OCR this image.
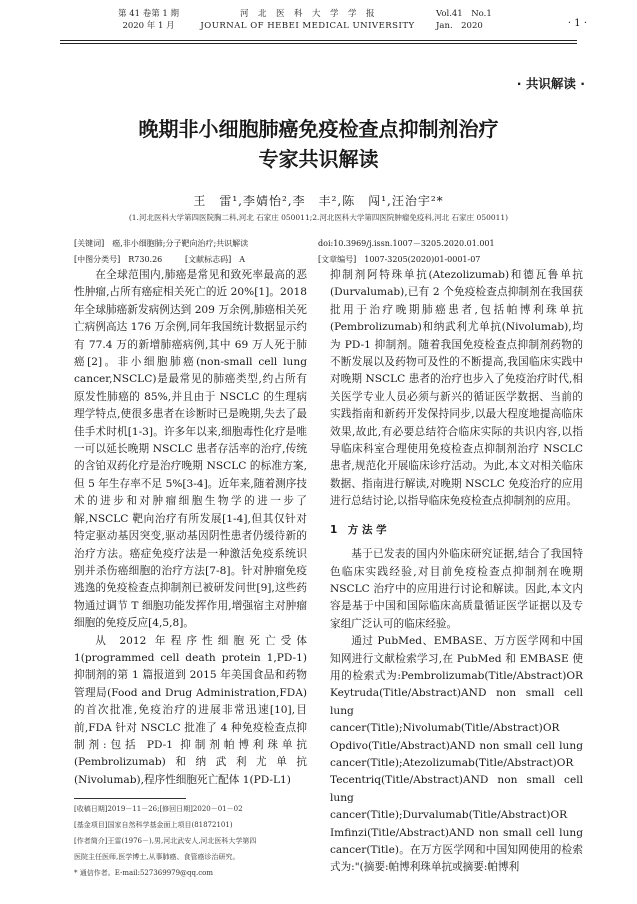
第 41 卷第 1 期
2020 年 1 月
河　北　医　科　大　学　学　报
JOURNAL OF HEBEI MEDICAL UNIVERSITY
Vol.41　No.1
Jan.　2020	· 1 ·
· 共识解读 ·
晚期非小细胞肺癌免疫检查点抑制剂治疗
专家共识解读
王　雷¹,李婧怡²,李　丰²,陈　闯¹,汪治宇²*
(1.河北医科大学第四医院胸二科,河北 石家庄 050011;2.河北医科大学第四医院肿瘤免疫科,河北 石家庄 050011)
[关键词]　癌,非小细胞肺;分子靶向治疗;共识解读	doi:10.3969/j.issn.1007－3205.2020.01.001
[中图分类号]　R730.26	[文献标志码]　A	[文章编号]　1007-3205(2020)01-0001-07

在全球范围内,肺癌是常见和致死率最高的恶性肿瘤,占所有癌症相关死亡的近 20%[1]。2018 年全球肺癌新发病例达到 209 万余例,肺癌相关死亡病例高达 176 万余例,同年我国统计数据显示约有 77.4 万的新增肺癌病例,其中 69 万人死于肺癌[2]。非小细胞肺癌(non-small cell lung cancer,NSCLC)是最常见的肺癌类型,约占所有原发性肺癌的 85%,并且由于 NSCLC 的生理病理学特点,使很多患者在诊断时已是晚期,失去了最佳手术时机[1-3]。许多年以来,细胞毒性化疗是唯一可以延长晚期 NSCLC 患者存活率的治疗,传统的含铂双药化疗是治疗晚期 NSCLC 的标准方案,但 5 年生存率不足 5%[3-4]。近年来,随着测序技术的进步和对肿瘤细胞生物学的进一步了解,NSCLC 靶向治疗有所发展[1-4],但其仅针对特定驱动基因突变,驱动基因阴性患者仍缓待新的治疗方法。癌症免疫疗法是一种激活免疫系统识别并杀伤癌细胞的治疗方法[7-8]。针对肿瘤免疫逃逸的免疫检查点抑制剂已被研发问世[9],这些药物通过调节 T 细胞功能发挥作用,增强宿主对肿瘤细胞的免疫反应[4,5,8]。

从 2012 年程序性细胞死亡受体 1(programmed cell death protein 1,PD-1)抑制剂的第 1 篇报道到 2015 年美国食品和药物管理局(Food and Drug Administration,FDA)的首次批准,免疫治疗的进展非常迅速[10],目前,FDA 针对 NSCLC 批准了 4 种免疫检查点抑制剂:包括 PD-1 抑制剂帕博利珠单抗(Pembrolizumab)和纳武利尤单抗(Nivolumab),程序性细胞死亡配体 1(PD-L1)

抑制剂阿特珠单抗(Atezolizumab)和德瓦鲁单抗(Durvalumab),已有 2 个免疫检查点抑制剂在我国获批用于治疗晚期肺癌患者,包括帕博利珠单抗(Pembrolizumab)和纳武利尤单抗(Nivolumab),均为 PD-1 抑制剂。随着我国免疫检查点抑制剂药物的不断发展以及药物可及性的不断提高,我国临床实践中对晚期 NSCLC 患者的治疗也步入了免疫治疗时代,相关医学专业人员必须与新兴的循证医学数据、当前的实践指南和新药开发保持同步,以最大程度地提高临床效果,故此,有必要总结符合临床实际的共识内容,以指导临床科室合理使用免疫检查点抑制剂治疗 NSCLC 患者,规范化开展临床诊疗活动。为此,本文对相关临床数据、指南进行解读,对晚期 NSCLC 免疫治疗的应用进行总结讨论,以指导临床免疫检查点抑制剂的应用。

1　方 法 学

基于已发表的国内外临床研究证据,结合了我国特色临床实践经验,对目前免疫检查点抑制剂在晚期 NSCLC 治疗中的应用进行讨论和解读。因此,本文内容是基于中国和国际临床高质量循证医学证据以及专家组广泛认可的临床经验。

通过 PubMed、EMBASE、万方医学网和中国知网进行文献检索学习,在 PubMed 和 EMBASE 使用的检索式为:Pembrolizumab(Title/Abstract)OR Keytruda(Title/Abstract)AND non small cell lung cancer(Title);Nivolumab(Title/Abstract)OR Opdivo(Title/Abstract)AND non small cell lung cancer(Title);Atezolizumab(Title/Abstract)OR Tecentriq(Title/Abstract)AND non small cell lung cancer(Title);Durvalumab(Title/Abstract)OR Imfinzi(Title/Abstract)AND non small cell lung cancer(Title)。在万方医学网和中国知网使用的检索式为:"(摘要:帕博利珠单抗或摘要:帕博利

[收稿日期]2019－11－26;[修回日期]2020－01－02
[基金项目]国家自然科学基金面上项目(81872101)
[作者简介]王雷(1976－),男,河北武安人,河北医科大学第四
医院主任医师,医学博士,从事肺癌、食管癌诊治研究。
* 通信作者。E-mail:527369979@qq.com
